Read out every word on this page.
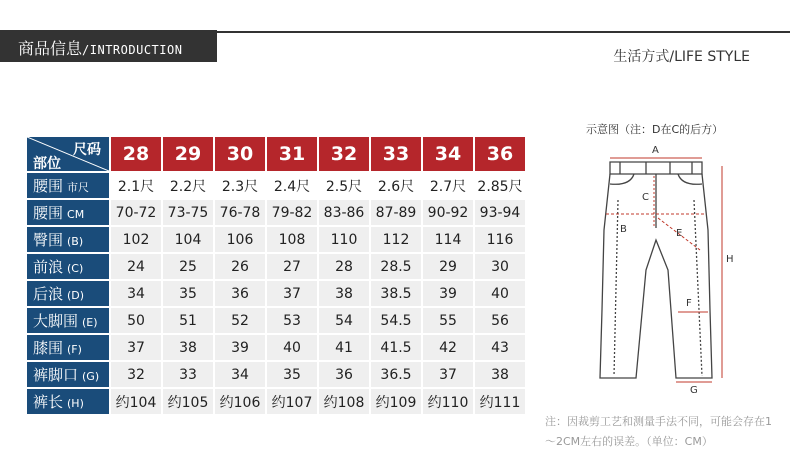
商品信息/INTRODUCTION	生活方式/LIFE STYLE
尺码
部位	28	29	30	31	32	33	34	36
腰围 市尺	2.1尺	2.2尺	2.3尺	2.4尺	2.5尺	2.6尺	2.7尺	2.85尺
腰围 CM	70-72	73-75	76-78	79-82	83-86	87-89	90-92	93-94
臀围 (B)	102	104	106	108	110	112	114	116
前浪 (C)	24	25	26	27	28	28.5	29	30
后浪 (D)	34	35	36	37	38	38.5	39	40
大脚围 (E)	50	51	52	53	54	54.5	55	56
膝围 (F)	37	38	39	40	41	41.5	42	43
裤脚口 (G)	32	33	34	35	36	36.5	37	38
裤长 (H)	约104	约105	约106	约107	约108	约109	约110	约111
示意图（注：D在C的后方）
A
C
B	E
F
G
H
注：因裁剪工艺和测量手法不同，可能会存在1～2CM左右的误差。（单位：CM）
